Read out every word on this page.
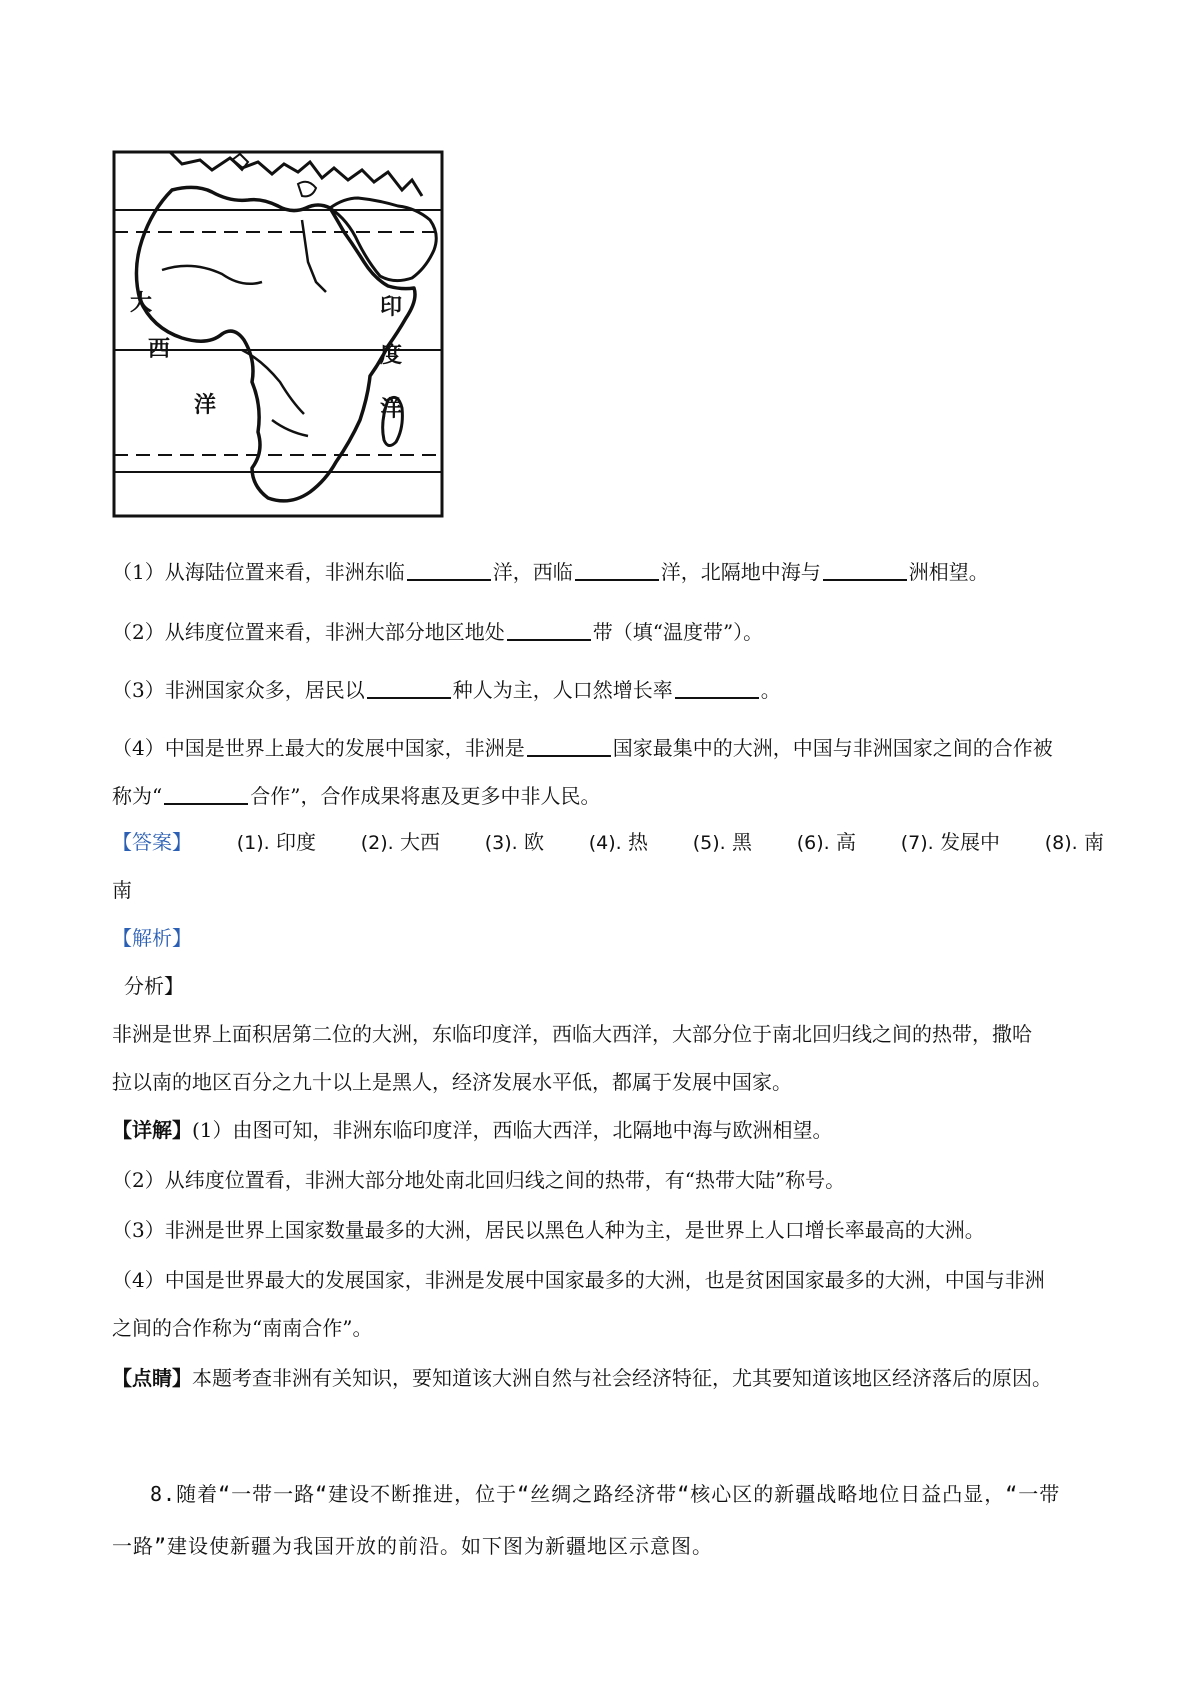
大
西
洋
印
度
洋
（1）从海陆位置来看，非洲东临	洋，西临	洋，北隔地中海与	洲相望。
（2）从纬度位置来看，非洲大部分地区地处	带（填“温度带”）。
（3）非洲国家众多，居民以	种人为主，人口然增长率	。
（4）中国是世界上最大的发展中国家，非洲是	国家最集中的大洲，中国与非洲国家之间的合作被
称为“	合作”，合作成果将惠及更多中非人民。
【答案】 (1). 印度 (2). 大西 (3). 欧 (4). 热 (5). 黑 (6). 高 (7). 发展中 (8). 南
南
【解析】
分析】
非洲是世界上面积居第二位的大洲，东临印度洋，西临大西洋，大部分位于南北回归线之间的热带，撒哈
拉以南的地区百分之九十以上是黑人，经济发展水平低，都属于发展中国家。
【详解】(1）由图可知，非洲东临印度洋，西临大西洋，北隔地中海与欧洲相望。
（2）从纬度位置看，非洲大部分地处南北回归线之间的热带，有“热带大陆”称号。
（3）非洲是世界上国家数量最多的大洲，居民以黑色人种为主，是世界上人口增长率最高的大洲。
（4）中国是世界最大的发展国家，非洲是发展中国家最多的大洲，也是贫困国家最多的大洲，中国与非洲
之间的合作称为“南南合作”。
【点睛】本题考查非洲有关知识，要知道该大洲自然与社会经济特征，尤其要知道该地区经济落后的原因。
8.随着“一带一路“建设不断推进，位于“丝绸之路经济带“核心区的新疆战略地位日益凸显，“一带
一路”建设使新疆为我国开放的前沿。如下图为新疆地区示意图。
